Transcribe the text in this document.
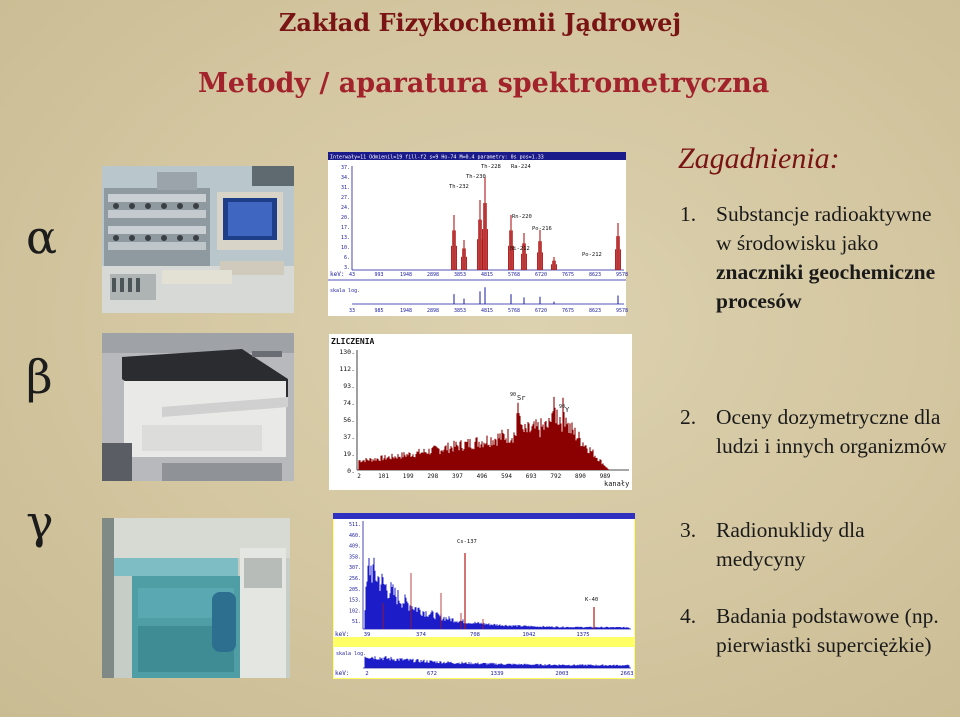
Zakład Fizykochemii Jądrowej
Metody / aparatura spektrometryczna
α
β
γ
Interwały=11 Odmienil=19 fill-f2 s=9 Ho-74 M=0.4 parametry: 0s pos=1.33
37.
34.
31.
27.
24.
20.
17.
13.
10.
6.
3.
Th-232
Th-230
Th-228 Ra-224
Rn-220
Po-216
Bi-212
Po-212
keV: 43	993	1948	2898	3853	4815	5768	6720	7675	8623	9578
skala log.
33	985	1948	2898	3853	4815	5768	6720	7675	8623	9578
ZLICZENIA
130.
112.
93.
74.
56.
37.
19.
0.
2	101 199 298 397 496 594 693 792 890 989
90 Sr
90 Y
kanały
511.
460.
409.
358.
307.
256.
205.
153.
102.
51.
Cs-137
K-40
keV:	39	374	708	1042	1375
skala log.
keV:	2	672	1339	2003	2663
Zagadnienia:
1. Substancje radioaktywne w środowisku jako
znaczniki geochemiczne procesów
2. Oceny dozymetryczne dla ludzi i innych organizmów
3. Radionuklidy dla medycyny
4. Badania podstawowe (np. pierwiastki superciężkie)
